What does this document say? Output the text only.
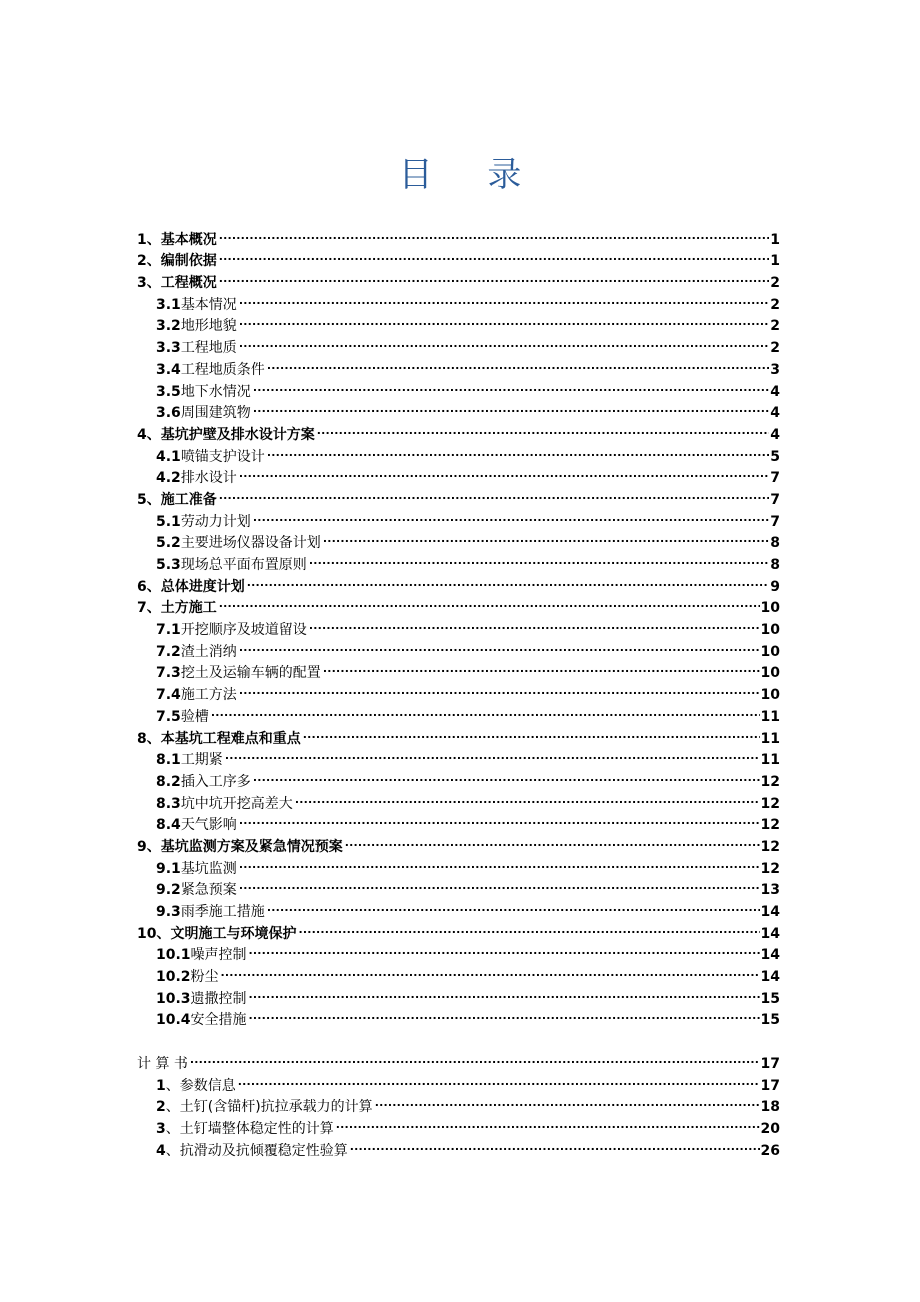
目 录
1、基本概况 .....	1
2、编制依据 .....	1
3、工程概况 .....	2
3.1 基本情况 .....	2
3.2 地形地貌 .....	2
3.3 工程地质 .....	2
3.4 工程地质条件 .....	3
3.5 地下水情况 .....	4
3.6 周围建筑物 .....	4
4、基坑护壁及排水设计方案 .....	4
4.1 喷锚支护设计 .....	5
4.2 排水设计 .....	7
5、施工准备 .....	7
5.1 劳动力计划 .....	7
5.2 主要进场仪器设备计划 .....	8
5.3 现场总平面布置原则 .....	8
6、总体进度计划 .....	9
7、土方施工 .....	10
7.1 开挖顺序及坡道留设 .....	10
7.2 渣土消纳 .....	10
7.3 挖土及运输车辆的配置 .....	10
7.4 施工方法 .....	10
7.5 验槽 .....	11
8、本基坑工程难点和重点 .....	11
8.1 工期紧 .....	11
8.2 插入工序多 .....	12
8.3 坑中坑开挖高差大 .....	12
8.4 天气影响 .....	12
9、基坑监测方案及紧急情况预案 .....	12
9.1 基坑监测 .....	12
9.2 紧急预案 .....	13
9.3 雨季施工措施 .....	14
10、文明施工与环境保护 .....	14
10.1 噪声控制 .....	14
10.2 粉尘 .....	14
10.3 遗撒控制 .....	15
10.4 安全措施 .....	15
计 算 书 .....	17
1 、参数信息 .....	17
2 、土钉(含锚杆)抗拉承载力的计算 .....	18
3 、土钉墙整体稳定性的计算 .....	20
4 、抗滑动及抗倾覆稳定性验算 .....	26
